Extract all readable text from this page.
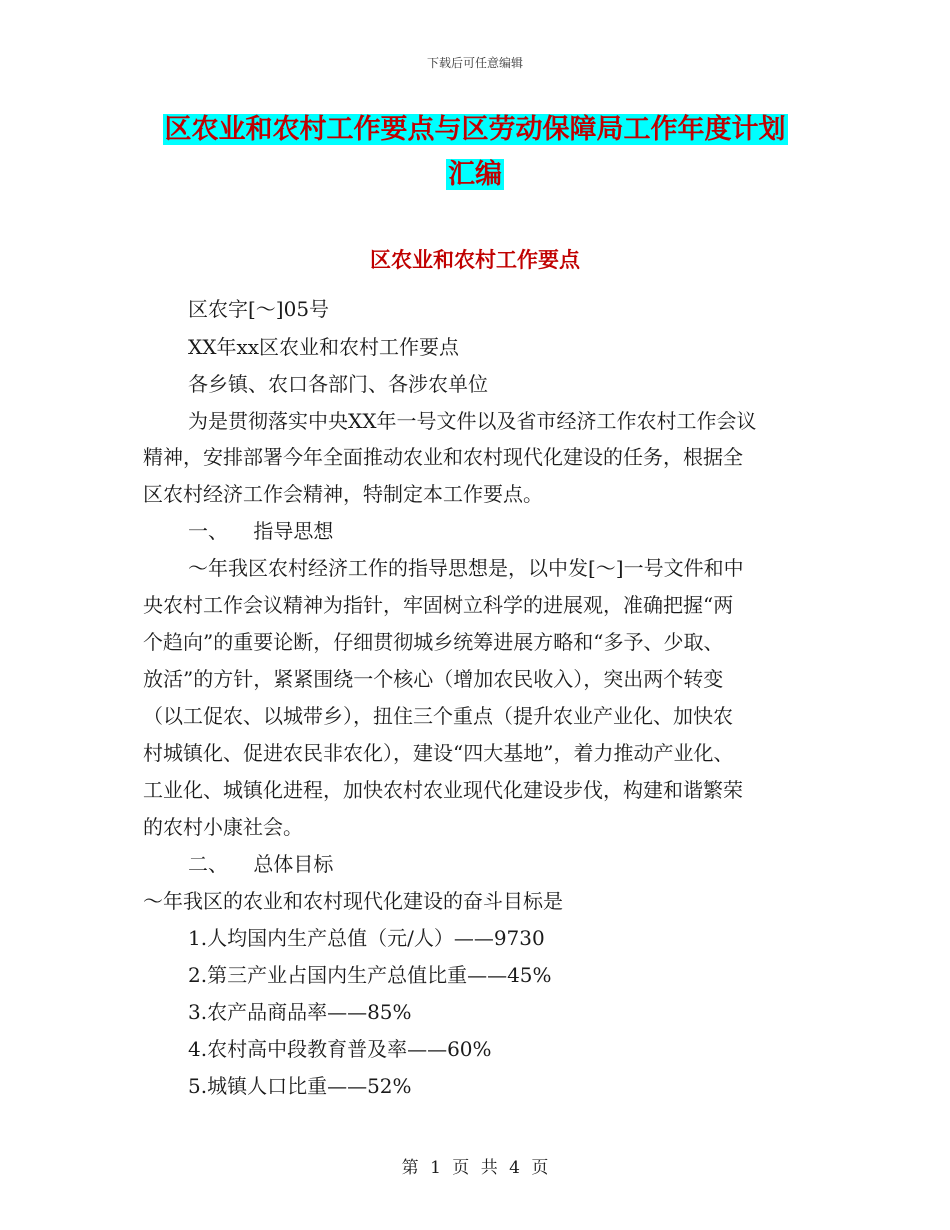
下载后可任意编辑
区农业和农村工作要点与区劳动保障局工作年度计划
汇编
区农业和农村工作要点
区农字[～]05号
XX年xx区农业和农村工作要点
各乡镇、农口各部门、各涉农单位
为是贯彻落实中央XX年一号文件以及省市经济工作农村工作会议
精神，安排部署今年全面推动农业和农村现代化建设的任务，根据全
区农村经济工作会精神，特制定本工作要点。
一、    指导思想
～年我区农村经济工作的指导思想是，以中发[～]一号文件和中
央农村工作会议精神为指针，牢固树立科学的进展观，准确把握“两
个趋向”的重要论断，仔细贯彻城乡统筹进展方略和“多予、少取、
放活”的方针，紧紧围绕一个核心（增加农民收入），突出两个转变
（以工促农、以城带乡），扭住三个重点（提升农业产业化、加快农
村城镇化、促进农民非农化），建设“四大基地”，着力推动产业化、
工业化、城镇化进程，加快农村农业现代化建设步伐，构建和谐繁荣
的农村小康社会。
二、    总体目标
～年我区的农业和农村现代化建设的奋斗目标是
1.人均国内生产总值（元/人）——9730
2.第三产业占国内生产总值比重——45%
3.农产品商品率——85%
4.农村高中段教育普及率——60%
5.城镇人口比重——52%
第 1 页 共 4 页
